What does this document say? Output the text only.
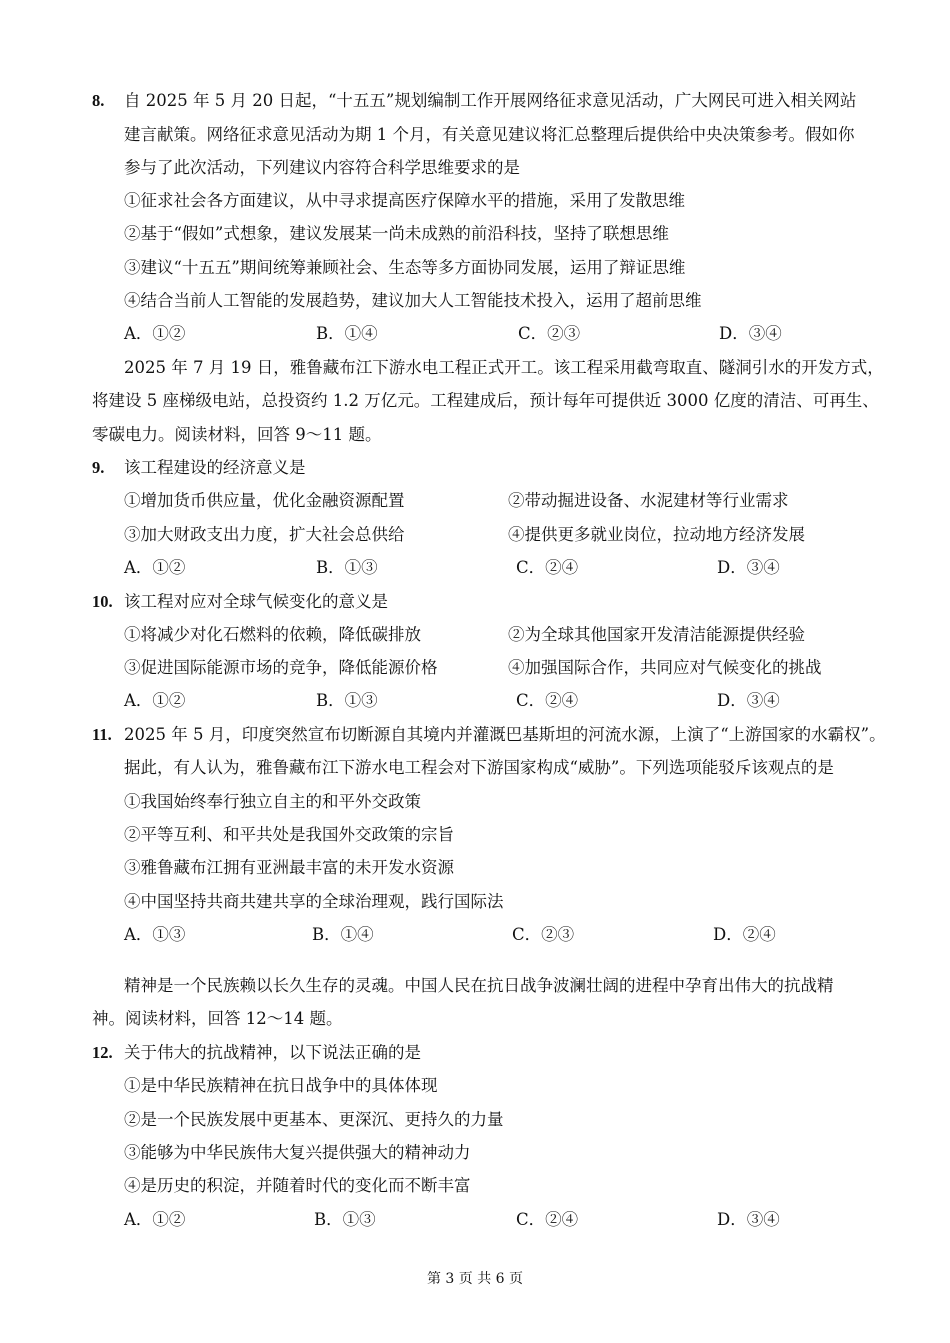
8. 自 2025 年 5 月 20 日起，“十五五”规划编制工作开展网络征求意见活动，广大网民可进入相关网站
建言献策。网络征求意见活动为期 1 个月，有关意见建议将汇总整理后提供给中央决策参考。假如你
参与了此次活动，下列建议内容符合科学思维要求的是
①征求社会各方面建议，从中寻求提高医疗保障水平的措施，采用了发散思维
②基于“假如”式想象，建议发展某一尚未成熟的前沿科技，坚持了联想思维
③建议“十五五”期间统筹兼顾社会、生态等多方面协同发展，运用了辩证思维
④结合当前人工智能的发展趋势，建议加大人工智能技术投入，运用了超前思维
A．①②	B．①④	C．②③	D．③④
2025 年 7 月 19 日，雅鲁藏布江下游水电工程正式开工。该工程采用截弯取直、隧洞引水的开发方式，
将建设 5 座梯级电站，总投资约 1.2 万亿元。工程建成后，预计每年可提供近 3000 亿度的清洁、可再生、
零碳电力。阅读材料，回答 9～11 题。
9. 该工程建设的经济意义是
①增加货币供应量，优化金融资源配置	②带动掘进设备、水泥建材等行业需求
③加大财政支出力度，扩大社会总供给	④提供更多就业岗位，拉动地方经济发展
A．①②	B．①③	C．②④	D．③④
10. 该工程对应对全球气候变化的意义是
①将减少对化石燃料的依赖，降低碳排放	②为全球其他国家开发清洁能源提供经验
③促进国际能源市场的竞争，降低能源价格	④加强国际合作，共同应对气候变化的挑战
A．①②	B．①③	C．②④	D．③④
11. 2025 年 5 月，印度突然宣布切断源自其境内并灌溉巴基斯坦的河流水源，上演了“上游国家的水霸权”。
据此，有人认为，雅鲁藏布江下游水电工程会对下游国家构成“威胁”。下列选项能驳斥该观点的是
①我国始终奉行独立自主的和平外交政策
②平等互利、和平共处是我国外交政策的宗旨
③雅鲁藏布江拥有亚洲最丰富的未开发水资源
④中国坚持共商共建共享的全球治理观，践行国际法
A．①③	B．①④	C．②③	D．②④
精神是一个民族赖以长久生存的灵魂。中国人民在抗日战争波澜壮阔的进程中孕育出伟大的抗战精
神。阅读材料，回答 12～14 题。
12. 关于伟大的抗战精神，以下说法正确的是
①是中华民族精神在抗日战争中的具体体现
②是一个民族发展中更基本、更深沉、更持久的力量
③能够为中华民族伟大复兴提供强大的精神动力
④是历史的积淀，并随着时代的变化而不断丰富
A．①②	B．①③	C．②④	D．③④
第 3 页 共 6 页
